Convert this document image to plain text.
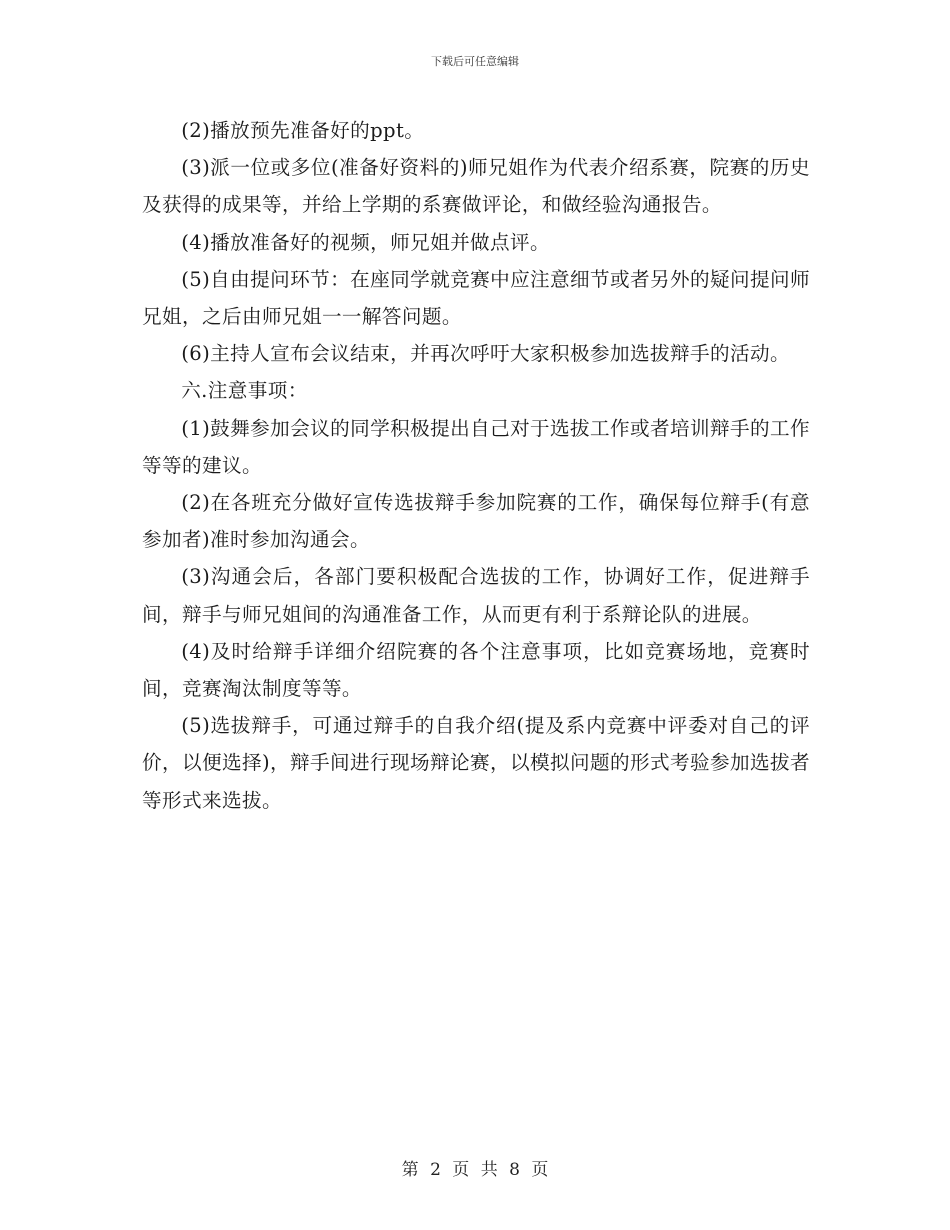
下载后可任意编辑

(2)播放预先准备好的ppt。

(3)派一位或多位(准备好资料的)师兄姐作为代表介绍系赛，院赛的历史及获得的成果等，并给上学期的系赛做评论，和做经验沟通报告。

(4)播放准备好的视频，师兄姐并做点评。

(5)自由提问环节：在座同学就竞赛中应注意细节或者另外的疑问提问师兄姐，之后由师兄姐一一解答问题。

(6)主持人宣布会议结束，并再次呼吁大家积极参加选拔辩手的活动。

六.注意事项：

(1)鼓舞参加会议的同学积极提出自己对于选拔工作或者培训辩手的工作等等的建议。

(2)在各班充分做好宣传选拔辩手参加院赛的工作，确保每位辩手(有意参加者)准时参加沟通会。

(3)沟通会后，各部门要积极配合选拔的工作，协调好工作，促进辩手间，辩手与师兄姐间的沟通准备工作，从而更有利于系辩论队的进展。

(4)及时给辩手详细介绍院赛的各个注意事项，比如竞赛场地，竞赛时间，竞赛淘汰制度等等。

(5)选拔辩手，可通过辩手的自我介绍(提及系内竞赛中评委对自己的评价，以便选择)，辩手间进行现场辩论赛，以模拟问题的形式考验参加选拔者等形式来选拔。

第 2 页 共 8 页
